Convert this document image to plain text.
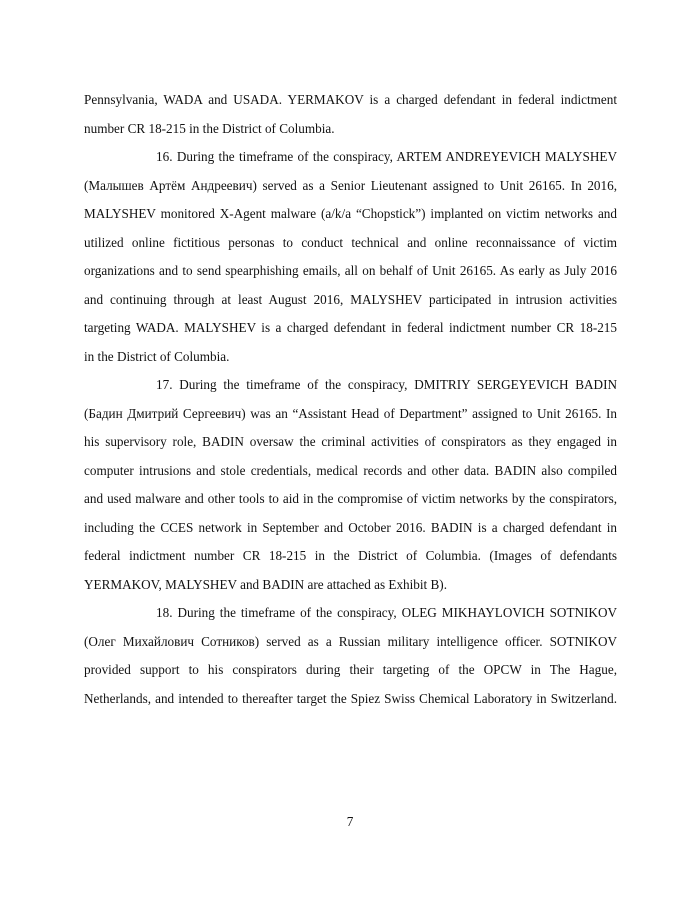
Pennsylvania, WADA and USADA. YERMAKOV is a charged defendant in federal indictment
number CR 18-215 in the District of Columbia.
16. During the timeframe of the conspiracy, ARTEM ANDREYEVICH MALYSHEV
(Малышев Артём Андреевич) served as a Senior Lieutenant assigned to Unit 26165. In 2016,
MALYSHEV monitored X-Agent malware (a/k/a “Chopstick”) implanted on victim networks and
utilized online fictitious personas to conduct technical and online reconnaissance of victim
organizations and to send spearphishing emails, all on behalf of Unit 26165. As early as July 2016
and continuing through at least August 2016, MALYSHEV participated in intrusion activities
targeting WADA. MALYSHEV is a charged defendant in federal indictment number CR 18-215
in the District of Columbia.
17. During the timeframe of the conspiracy, DMITRIY SERGEYEVICH BADIN
(Бадин Дмитрий Сергеевич) was an “Assistant Head of Department” assigned to Unit 26165. In
his supervisory role, BADIN oversaw the criminal activities of conspirators as they engaged in
computer intrusions and stole credentials, medical records and other data. BADIN also compiled
and used malware and other tools to aid in the compromise of victim networks by the conspirators,
including the CCES network in September and October 2016. BADIN is a charged defendant in
federal indictment number CR 18-215 in the District of Columbia. (Images of defendants
YERMAKOV, MALYSHEV and BADIN are attached as Exhibit B).
18. During the timeframe of the conspiracy, OLEG MIKHAYLOVICH SOTNIKOV
(Олег Михайлович Сотников) served as a Russian military intelligence officer. SOTNIKOV
provided support to his conspirators during their targeting of the OPCW in The Hague,
Netherlands, and intended to thereafter target the Spiez Swiss Chemical Laboratory in Switzerland.
7
